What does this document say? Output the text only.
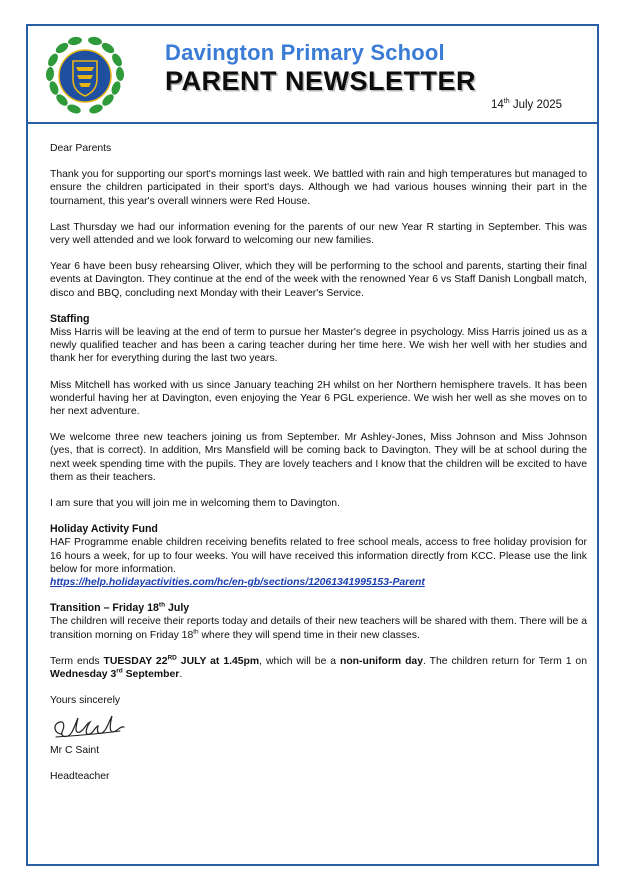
Davington Primary School
PARENT NEWSLETTER
14th July 2025

Dear Parents

Thank you for supporting our sport's mornings last week. We battled with rain and high temperatures but managed to ensure the children participated in their sport's days. Although we had various houses winning their part in the tournament, this year's overall winners were Red House.

Last Thursday we had our information evening for the parents of our new Year R starting in September. This was very well attended and we look forward to welcoming our new families.

Year 6 have been busy rehearsing Oliver, which they will be performing to the school and parents, starting their final events at Davington. They continue at the end of the week with the renowned Year 6 vs Staff Danish Longball match, disco and BBQ, concluding next Monday with their Leaver's Service.

Staffing

Miss Harris will be leaving at the end of term to pursue her Master's degree in psychology. Miss Harris joined us as a newly qualified teacher and has been a caring teacher during her time here. We wish her well with her studies and thank her for everything during the last two years.

Miss Mitchell has worked with us since January teaching 2H whilst on her Northern hemisphere travels. It has been wonderful having her at Davington, even enjoying the Year 6 PGL experience. We wish her well as she moves on to her next adventure.

We welcome three new teachers joining us from September. Mr Ashley-Jones, Miss Johnson and Miss Johnson (yes, that is correct). In addition, Mrs Mansfield will be coming back to Davington. They will be at school during the next week spending time with the pupils. They are lovely teachers and I know that the children will be excited to have them as their teachers.

I am sure that you will join me in welcoming them to Davington.

Holiday Activity Fund

HAF Programme enable children receiving benefits related to free school meals, access to free holiday provision for 16 hours a week, for up to four weeks. You will have received this information directly from KCC. Please use the link below for more information.

https://help.holidayactivities.com/hc/en-gb/sections/12061341995153-Parent

Transition – Friday 18th July

The children will receive their reports today and details of their new teachers will be shared with them. There will be a transition morning on Friday 18th where they will spend time in their new classes.

Term ends TUESDAY 22RD JULY at 1.45pm, which will be a non-uniform day. The children return for Term 1 on Wednesday 3rd September.

Yours sincerely

Mr C Saint

Headteacher
